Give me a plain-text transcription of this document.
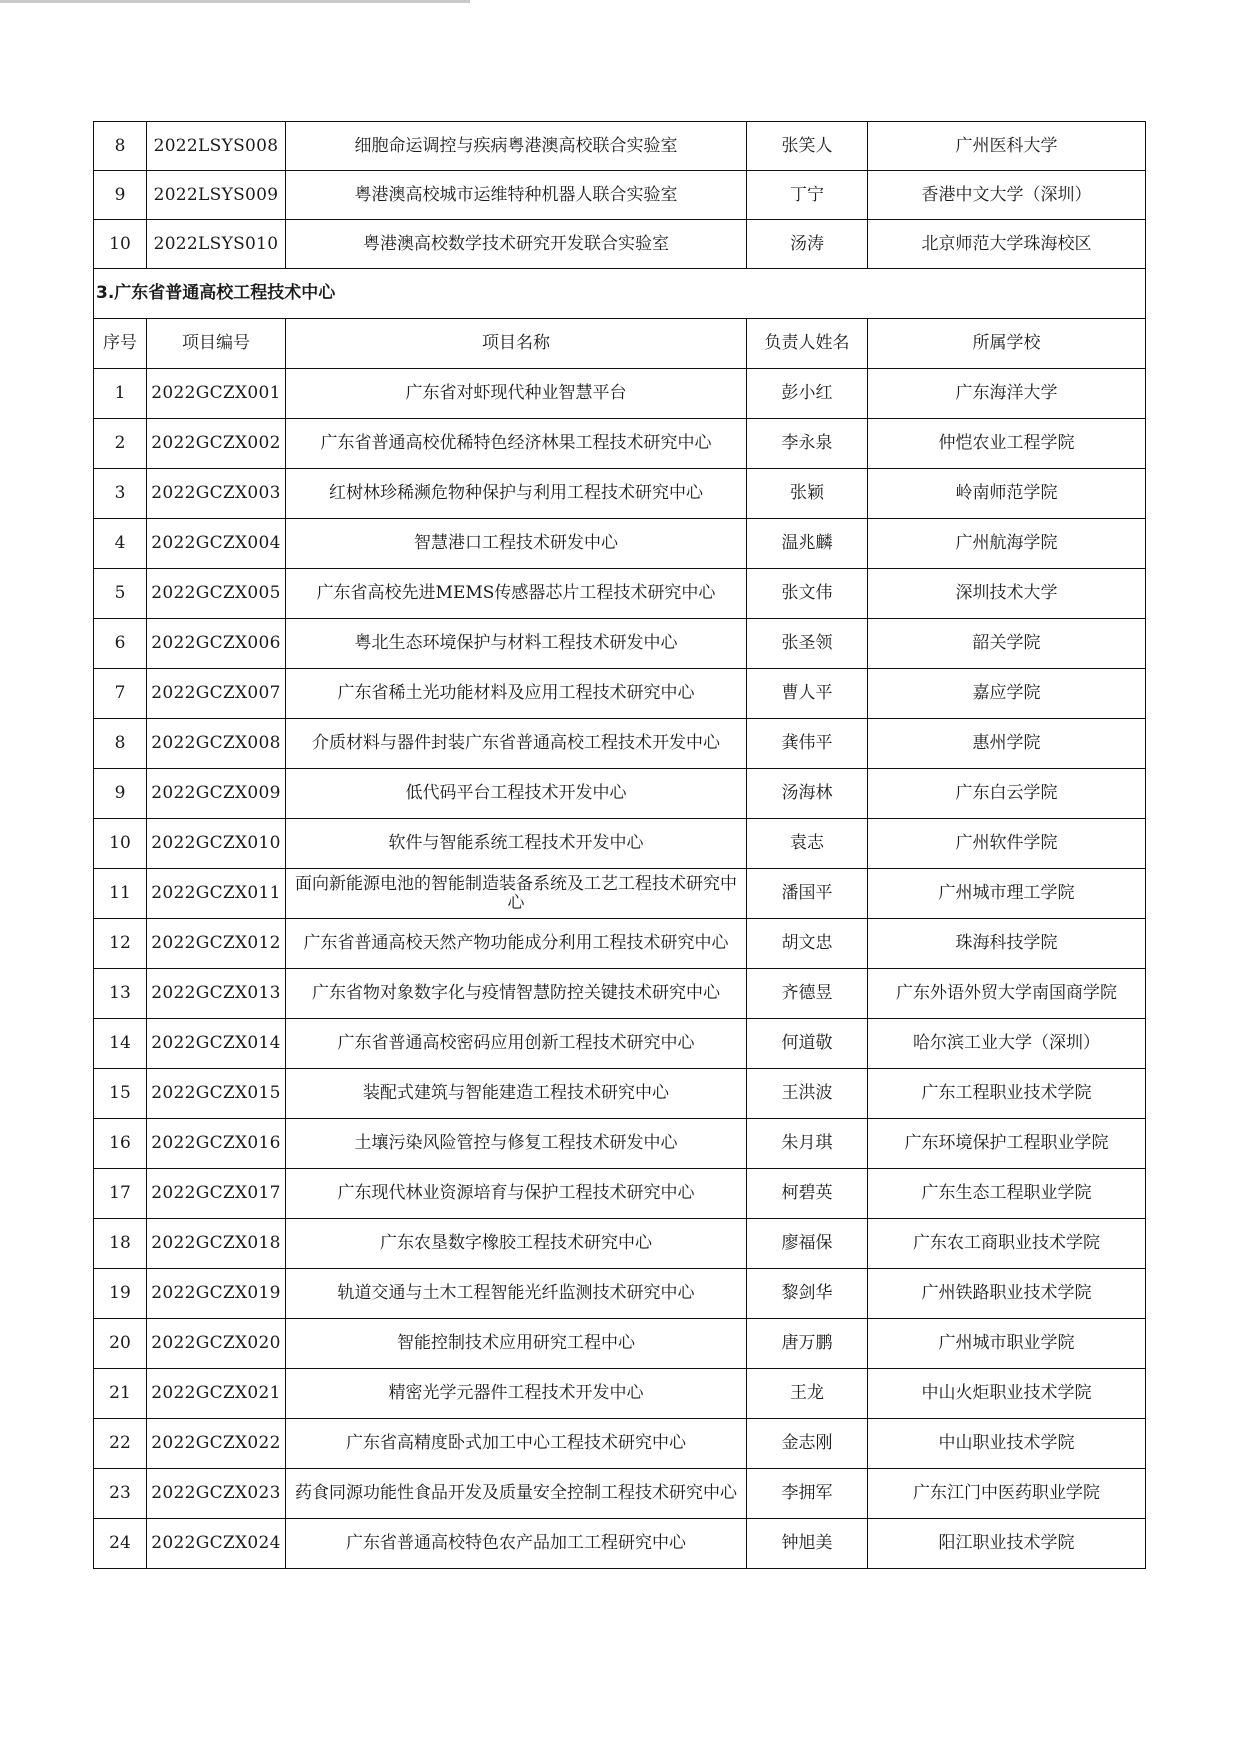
8	2022LSYS008	细胞命运调控与疾病粤港澳高校联合实验室	张笑人	广州医科大学
9	2022LSYS009	粤港澳高校城市运维特种机器人联合实验室	丁宁	香港中文大学（深圳）
10	2022LSYS010	粤港澳高校数学技术研究开发联合实验室	汤涛	北京师范大学珠海校区
3.广东省普通高校工程技术中心				
序号	项目编号	项目名称	负责人姓名	所属学校
1	2022GCZX001	广东省对虾现代种业智慧平台	彭小红	广东海洋大学
2	2022GCZX002	广东省普通高校优稀特色经济林果工程技术研究中心	李永泉	仲恺农业工程学院
3	2022GCZX003	红树林珍稀濒危物种保护与利用工程技术研究中心	张颖	岭南师范学院
4	2022GCZX004	智慧港口工程技术研发中心	温兆麟	广州航海学院
5	2022GCZX005	广东省高校先进MEMS传感器芯片工程技术研究中心	张文伟	深圳技术大学
6	2022GCZX006	粤北生态环境保护与材料工程技术研发中心	张圣领	韶关学院
7	2022GCZX007	广东省稀土光功能材料及应用工程技术研究中心	曹人平	嘉应学院
8	2022GCZX008	介质材料与器件封装广东省普通高校工程技术开发中心	龚伟平	惠州学院
9	2022GCZX009	低代码平台工程技术开发中心	汤海林	广东白云学院
10	2022GCZX010	软件与智能系统工程技术开发中心	袁志	广州软件学院
11	2022GCZX011	面向新能源电池的智能制造装备系统及工艺工程技术研究中心	潘国平	广州城市理工学院
12	2022GCZX012	广东省普通高校天然产物功能成分利用工程技术研究中心	胡文忠	珠海科技学院
13	2022GCZX013	广东省物对象数字化与疫情智慧防控关键技术研究中心	齐德昱	广东外语外贸大学南国商学院
14	2022GCZX014	广东省普通高校密码应用创新工程技术研究中心	何道敬	哈尔滨工业大学（深圳）
15	2022GCZX015	装配式建筑与智能建造工程技术研究中心	王洪波	广东工程职业技术学院
16	2022GCZX016	土壤污染风险管控与修复工程技术研发中心	朱月琪	广东环境保护工程职业学院
17	2022GCZX017	广东现代林业资源培育与保护工程技术研究中心	柯碧英	广东生态工程职业学院
18	2022GCZX018	广东农垦数字橡胶工程技术研究中心	廖福保	广东农工商职业技术学院
19	2022GCZX019	轨道交通与土木工程智能光纤监测技术研究中心	黎剑华	广州铁路职业技术学院
20	2022GCZX020	智能控制技术应用研究工程中心	唐万鹏	广州城市职业学院
21	2022GCZX021	精密光学元器件工程技术开发中心	王龙	中山火炬职业技术学院
22	2022GCZX022	广东省高精度卧式加工中心工程技术研究中心	金志刚	中山职业技术学院
23	2022GCZX023	药食同源功能性食品开发及质量安全控制工程技术研究中心	李拥军	广东江门中医药职业学院
24	2022GCZX024	广东省普通高校特色农产品加工工程研究中心	钟旭美	阳江职业技术学院
